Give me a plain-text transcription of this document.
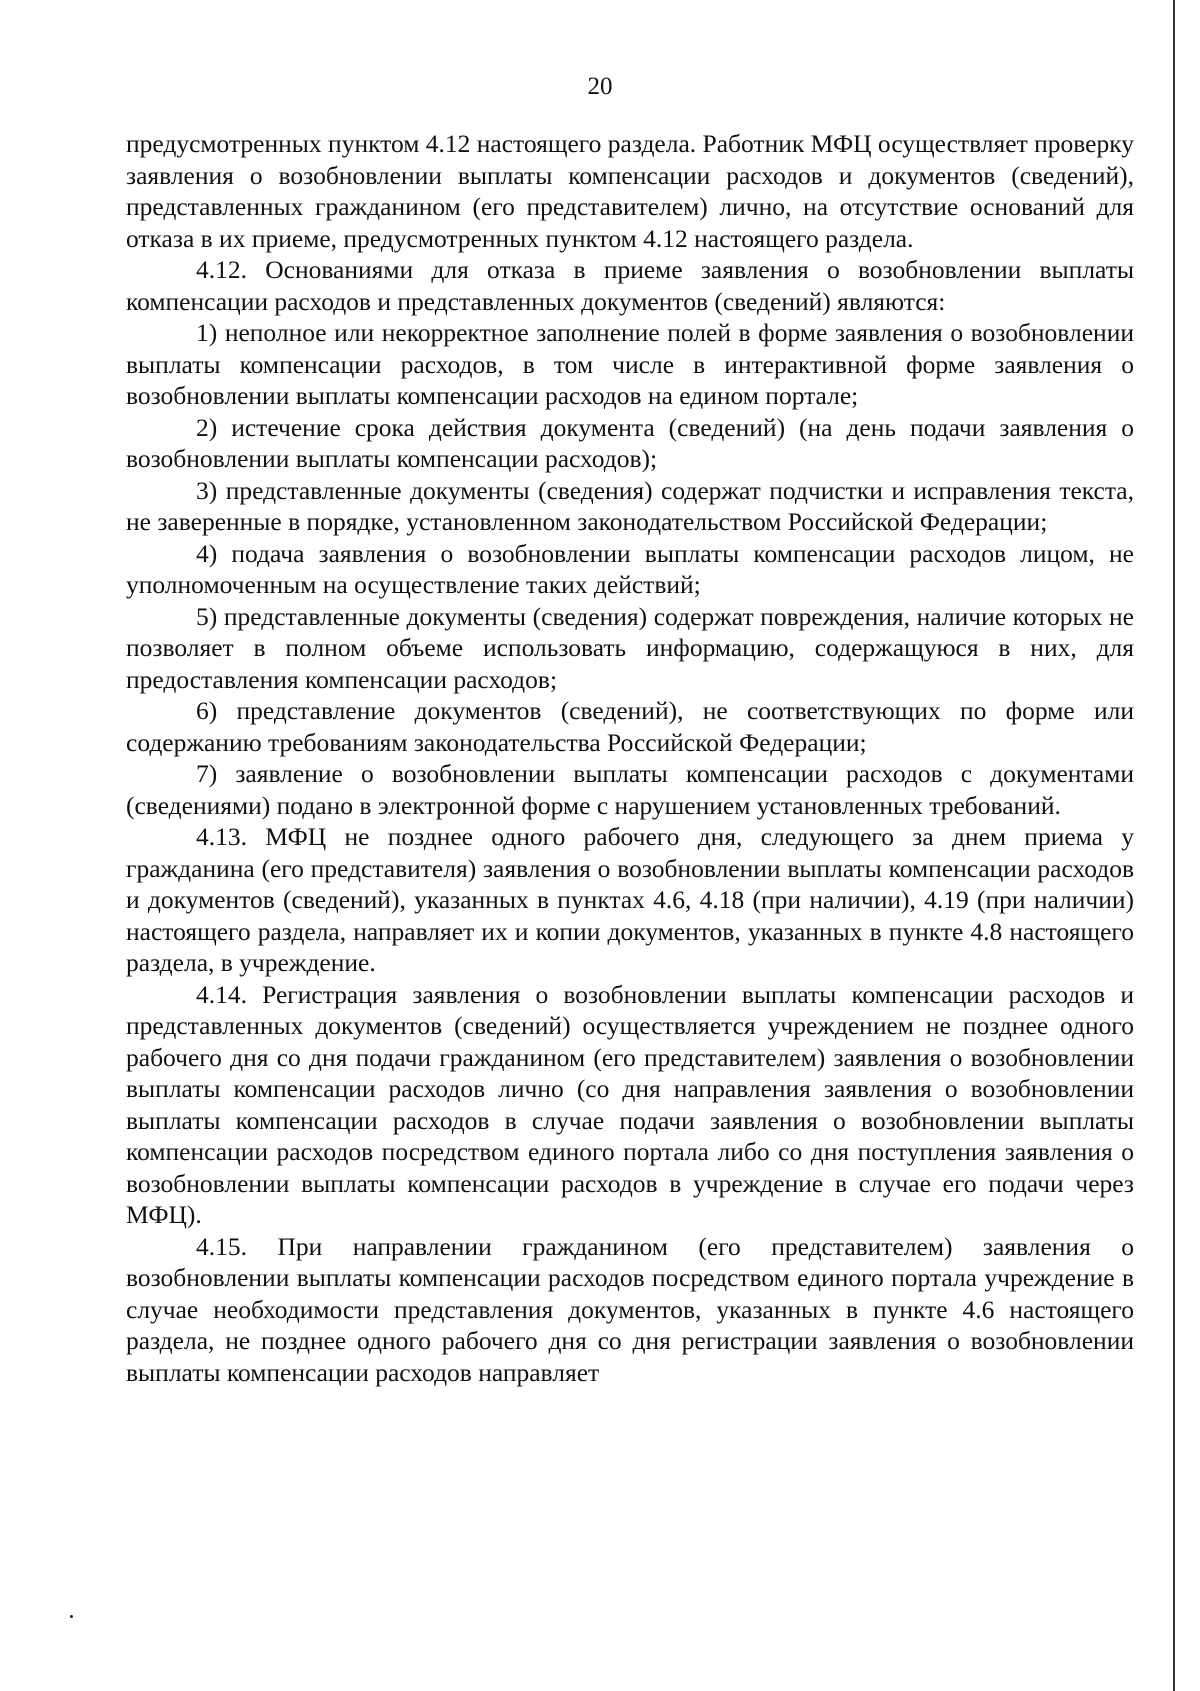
20

предусмотренных пунктом 4.12 настоящего раздела. Работник МФЦ осуществляет проверку заявления о возобновлении выплаты компенсации расходов и документов (сведений), представленных гражданином (его представителем) лично, на отсутствие оснований для отказа в их приеме, предусмотренных пунктом 4.12 настоящего раздела.

4.12. Основаниями для отказа в приеме заявления о возобновлении выплаты компенсации расходов и представленных документов (сведений) являются:

1) неполное или некорректное заполнение полей в форме заявления о возобновлении выплаты компенсации расходов, в том числе в интерактивной форме заявления о возобновлении выплаты компенсации расходов на едином портале;

2) истечение срока действия документа (сведений) (на день подачи заявления о возобновлении выплаты компенсации расходов);

3) представленные документы (сведения) содержат подчистки и исправления текста, не заверенные в порядке, установленном законодательством Российской Федерации;

4) подача заявления о возобновлении выплаты компенсации расходов лицом, не уполномоченным на осуществление таких действий;

5) представленные документы (сведения) содержат повреждения, наличие которых не позволяет в полном объеме использовать информацию, содержащуюся в них, для предоставления компенсации расходов;

6) представление документов (сведений), не соответствующих по форме или содержанию требованиям законодательства Российской Федерации;

7) заявление о возобновлении выплаты компенсации расходов с документами (сведениями) подано в электронной форме с нарушением установленных требований.

4.13. МФЦ не позднее одного рабочего дня, следующего за днем приема у гражданина (его представителя) заявления о возобновлении выплаты компенсации расходов и документов (сведений), указанных в пунктах 4.6, 4.18 (при наличии), 4.19 (при наличии) настоящего раздела, направляет их и копии документов, указанных в пункте 4.8 настоящего раздела, в учреждение.

4.14. Регистрация заявления о возобновлении выплаты компенсации расходов и представленных документов (сведений) осуществляется учреждением не позднее одного рабочего дня со дня подачи гражданином (его представителем) заявления о возобновлении выплаты компенсации расходов лично (со дня направления заявления о возобновлении выплаты компенсации расходов в случае подачи заявления о возобновлении выплаты компенсации расходов посредством единого портала либо со дня поступления заявления о возобновлении выплаты компенсации расходов в учреждение в случае его подачи через МФЦ).

4.15. При направлении гражданином (его представителем) заявления о возобновлении выплаты компенсации расходов посредством единого портала учреждение в случае необходимости представления документов, указанных в пункте 4.6 настоящего раздела, не позднее одного рабочего дня со дня регистрации заявления о возобновлении выплаты компенсации расходов направляет
